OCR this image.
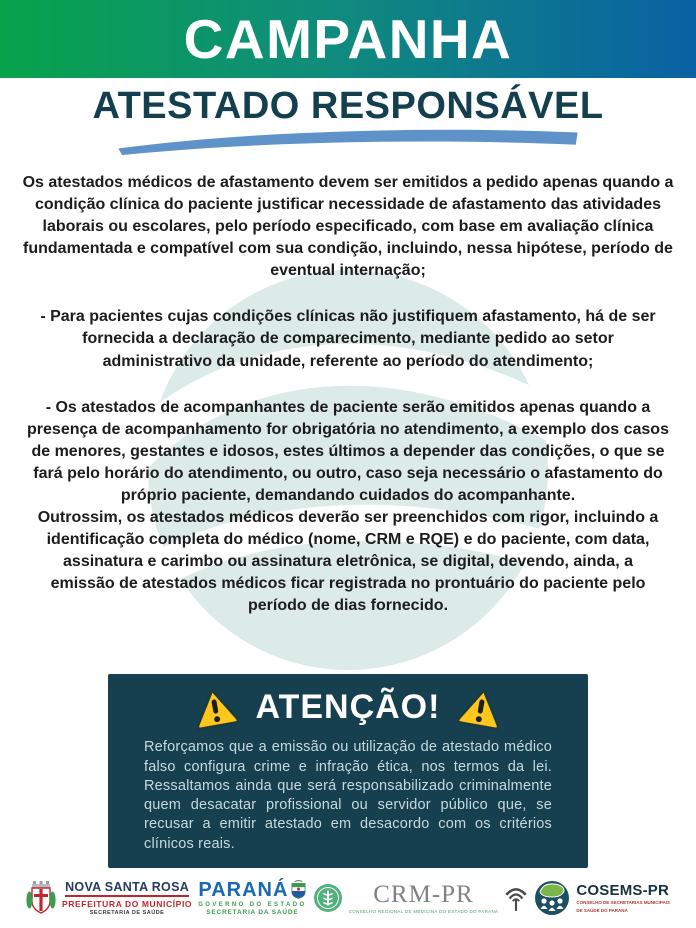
CAMPANHA
ATESTADO RESPONSÁVEL

Os atestados médicos de afastamento devem ser emitidos a pedido apenas quando a condição clínica do paciente justificar necessidade de afastamento das atividades laborais ou escolares, pelo período especificado, com base em avaliação clínica fundamentada e compatível com sua condição, incluindo, nessa hipótese, período de eventual internação;

- Para pacientes cujas condições clínicas não justifiquem afastamento, há de ser fornecida a declaração de comparecimento, mediante pedido ao setor administrativo da unidade, referente ao período do atendimento;

- Os atestados de acompanhantes de paciente serão emitidos apenas quando a presença de acompanhamento for obrigatória no atendimento, a exemplo dos casos de menores, gestantes e idosos, estes últimos a depender das condições, o que se fará pelo horário do atendimento, ou outro, caso seja necessário o afastamento do próprio paciente, demandando cuidados do acompanhante.

Outrossim, os atestados médicos deverão ser preenchidos com rigor, incluindo a identificação completa do médico (nome, CRM e RQE) e do paciente, com data, assinatura e carimbo ou assinatura eletrônica, se digital, devendo, ainda, a emissão de atestados médicos ficar registrada no prontuário do paciente pelo período de dias fornecido.

ATENÇÃO!

Reforçamos que a emissão ou utilização de atestado médico falso configura crime e infração ética, nos termos da lei. Ressaltamos ainda que será responsabilizado criminalmente quem desacatar profissional ou servidor público que, se recusar a emitir atestado em desacordo com os critérios clínicos reais.

NOVA SANTA ROSA
PREFEITURA DO MUNICÍPIO
SECRETARIA DE SAÚDE
PARANÁ
GOVERNO DO ESTADO
SECRETARIA DA SAÚDE
CRM-PR
CONSELHO REGIONAL DE MEDICINA DO ESTADO DO PARANÁ
COSEMS-PR
CONSELHO DE SECRETARIAS MUNICIPAIS
DE SAÚDE DO PARANÁ
